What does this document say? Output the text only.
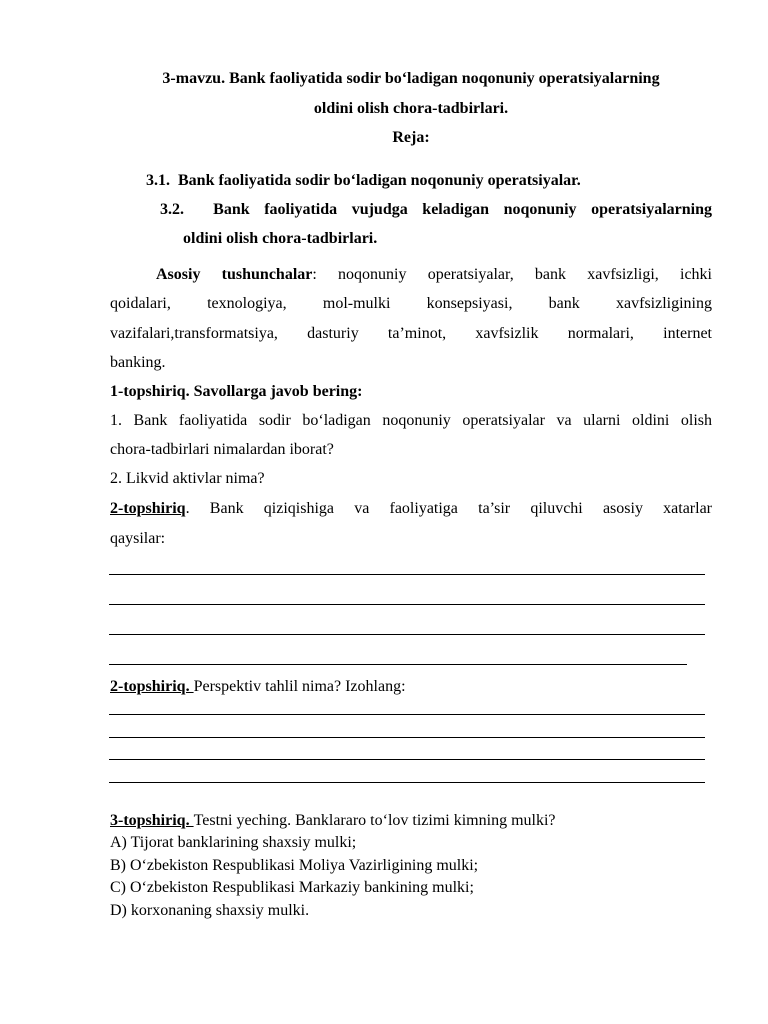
3-mavzu. Bank faoliyatida sodir bo‘ladigan noqonuniy operatsiyalarning
oldini olish chora-tadbirlari.
Reja:
3.1. Bank faoliyatida sodir bo‘ladigan noqonuniy operatsiyalar.
3.2. Bank faoliyatida vujudga keladigan noqonuniy operatsiyalarning
oldini olish chora-tadbirlari.
Asosiy tushunchalar: noqonuniy operatsiyalar, bank xavfsizligi, ichki
qoidalari, texnologiya, mol-mulki konsepsiyasi, bank xavfsizligining
vazifalari,transformatsiya, dasturiy ta’minot, xavfsizlik normalari, internet
banking.
1-topshiriq. Savollarga javob bering:
1. Bank faoliyatida sodir bo‘ladigan noqonuniy operatsiyalar va ularni oldini olish
chora-tadbirlari nimalardan iborat?
2. Likvid aktivlar nima?
2-topshiriq. Bank qiziqishiga va faoliyatiga ta’sir qiluvchi asosiy xatarlar
qaysilar:
2-topshiriq. Perspektiv tahlil nima? Izohlang:
3-topshiriq. Testni yeching. Banklararo to‘lov tizimi kimning mulki?
A) Tijorat banklarining shaxsiy mulki;
B) O‘zbekiston Respublikasi Moliya Vazirligining mulki;
C) O‘zbekiston Respublikasi Markaziy bankining mulki;
D) korxonaning shaxsiy mulki.
